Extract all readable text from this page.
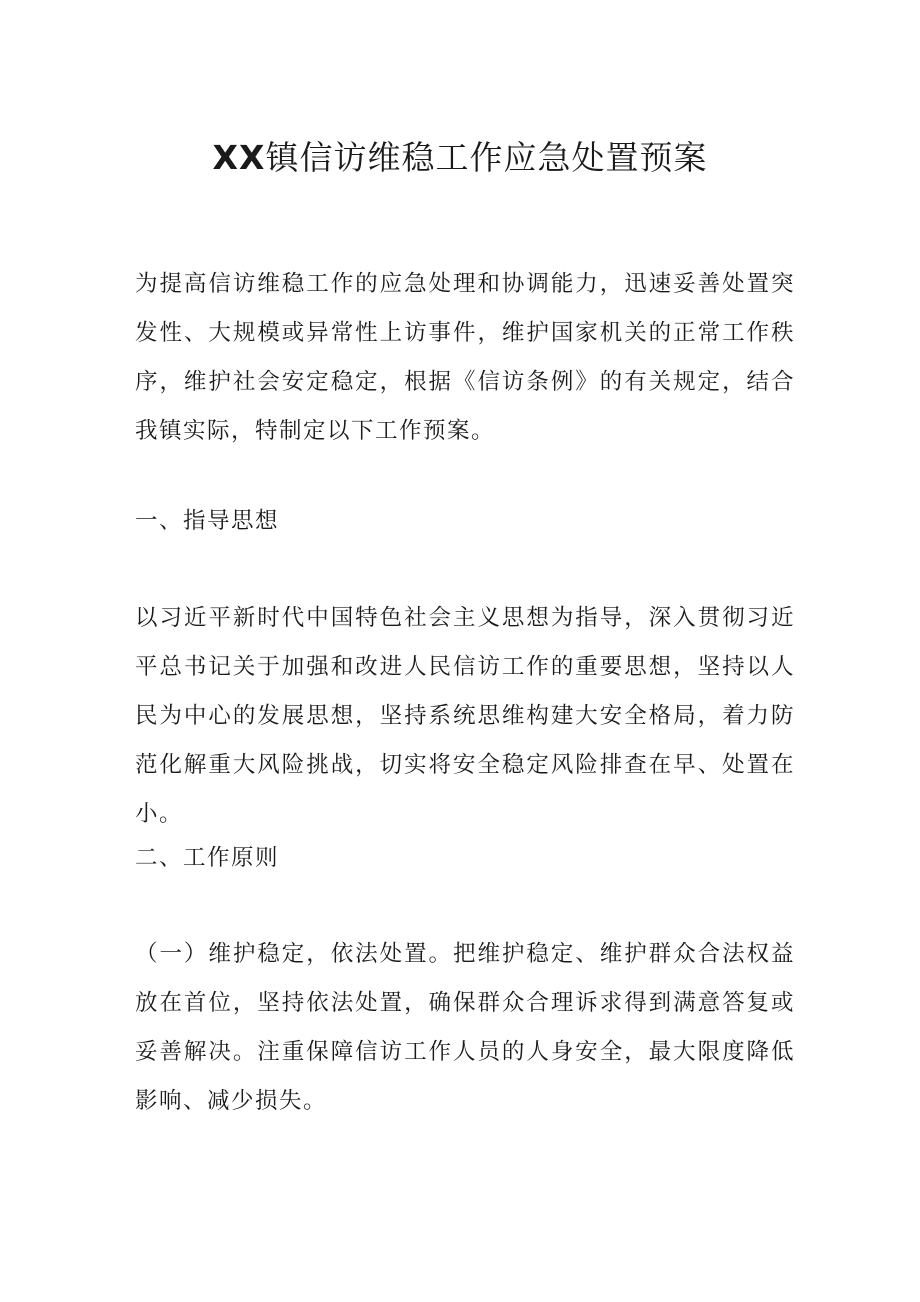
XX镇信访维稳工作应急处置预案

为提高信访维稳工作的应急处理和协调能力，迅速妥善处置突发性、大规模或异常性上访事件，维护国家机关的正常工作秩序，维护社会安定稳定，根据《信访条例》的有关规定，结合我镇实际，特制定以下工作预案。

一、指导思想

以习近平新时代中国特色社会主义思想为指导，深入贯彻习近平总书记关于加强和改进人民信访工作的重要思想，坚持以人民为中心的发展思想，坚持系统思维构建大安全格局，着力防范化解重大风险挑战，切实将安全稳定风险排查在早、处置在小。

二、工作原则

（一）维护稳定，依法处置。把维护稳定、维护群众合法权益放在首位，坚持依法处置，确保群众合理诉求得到满意答复或妥善解决。注重保障信访工作人员的人身安全，最大限度降低影响、减少损失。
